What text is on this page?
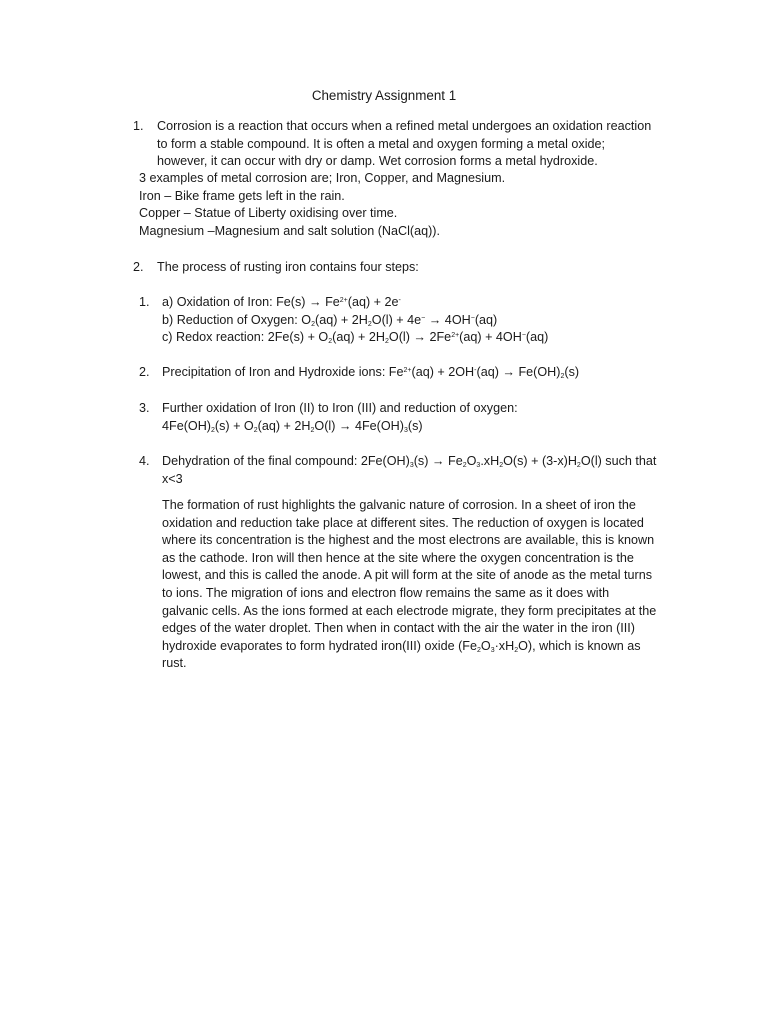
Chemistry Assignment 1
1. Corrosion is a reaction that occurs when a refined metal undergoes an oxidation reaction

to form a stable compound. It is often a metal and oxygen forming a metal oxide;

however, it can occur with dry or damp. Wet corrosion forms a metal hydroxide.

3 examples of metal corrosion are; Iron, Copper, and Magnesium.

Iron – Bike frame gets left in the rain.

Copper – Statue of Liberty oxidising over time.

Magnesium –Magnesium and salt solution (NaCl(aq)).

2. The process of rusting iron contains four steps:
1. a) Oxidation of Iron: $Fe(s) \to Fe^{2+}(aq) + 2e^-$

b) Reduction of Oxygen: $O_2(aq) + 2H_2O(l) + 4e^- \to 4OH^-(aq)$

c) Redox reaction: $2Fe(s) + O_2(aq) + 2H_2O(l) \to 2Fe^{2+}(aq) + 4OH^-(aq)$

2. Precipitation of Iron and Hydroxide ions: $Fe^{2+}(aq) + 2OH^-(aq) \to Fe(OH)_2(s)$

3. Further oxidation of Iron (II) to Iron (III) and reduction of oxygen:

$4Fe(OH)_2(s) + O_2(aq) + 2H_2O(l) \to 4Fe(OH)_3(s)$

4. Dehydration of the final compound: $2Fe(OH)_3(s) \to Fe_2O_3.xH_2O(s) + (3-x)H_2O(l)$ such that

x<3

The formation of rust highlights the galvanic nature of corrosion. In a sheet of iron the

oxidation and reduction take place at different sites. The reduction of oxygen is located

where its concentration is the highest and the most electrons are available, this is known

as the cathode. Iron will then hence at the site where the oxygen concentration is the

lowest, and this is called the anode. A pit will form at the site of anode as the metal turns

to ions. The migration of ions and electron flow remains the same as it does with

galvanic cells. As the ions formed at each electrode migrate, they form precipitates at the

edges of the water droplet. Then when in contact with the air the water in the iron (III)

hydroxide evaporates to form hydrated iron(III) oxide $(Fe_2O_3\cdot xH_2O)$, which is known as

rust.
